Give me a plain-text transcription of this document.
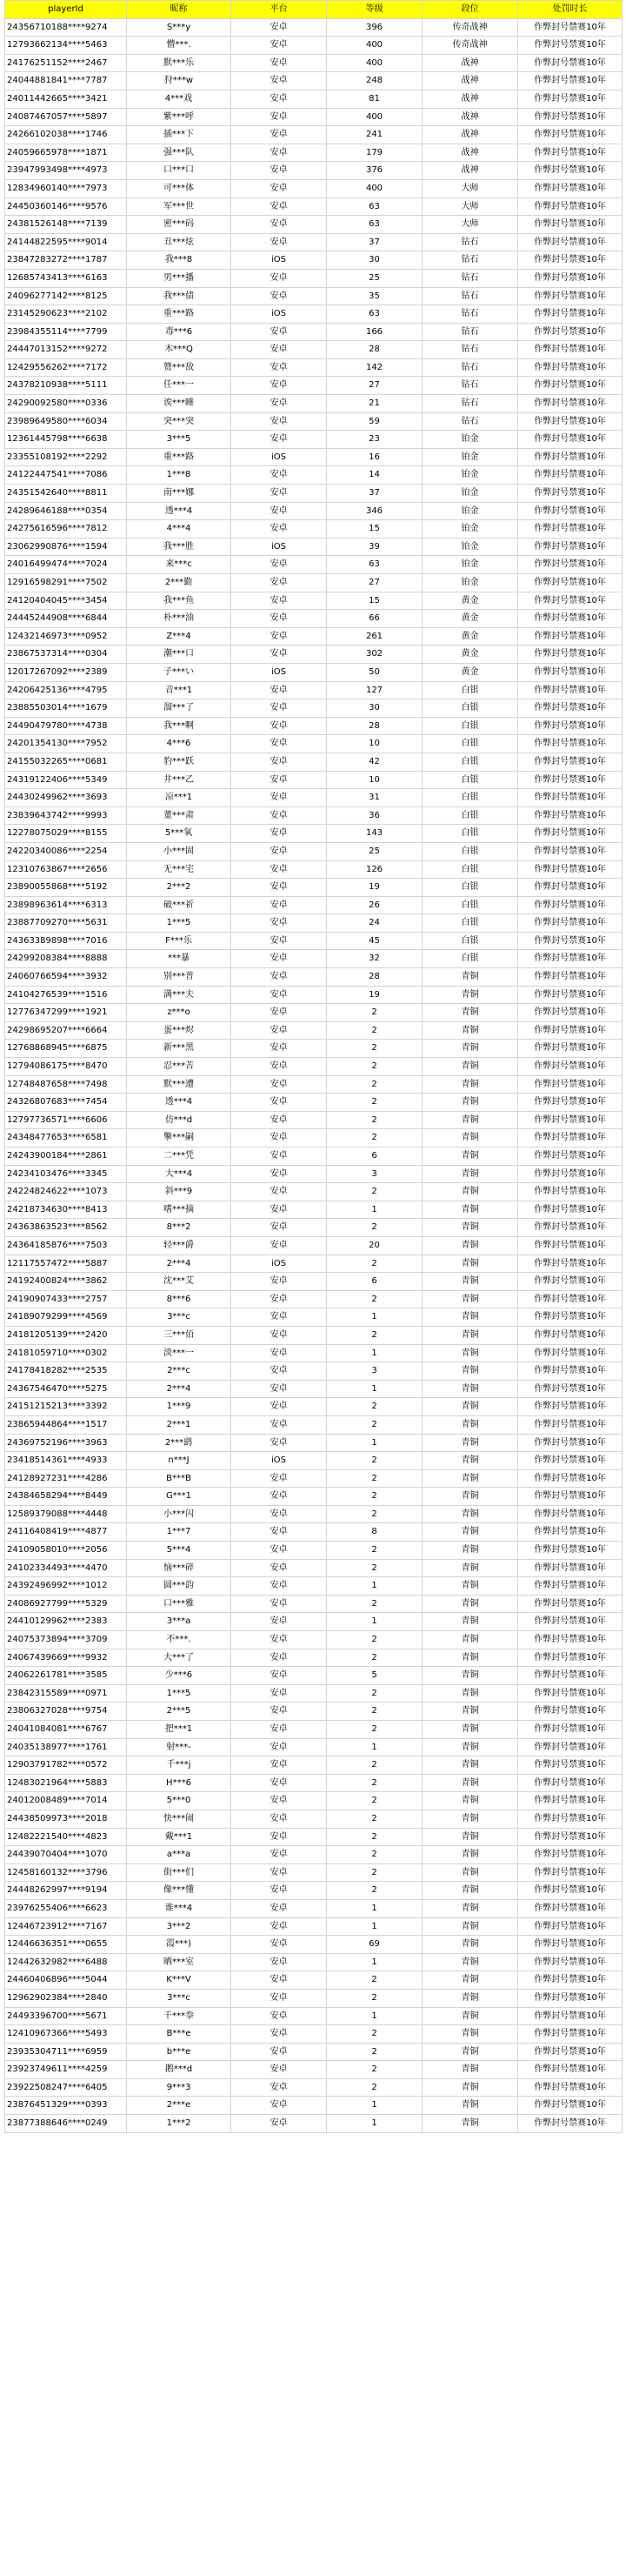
playerId	昵称	平台	等级	段位	处罚时长
24356710188****9274	S***y	安卓	396	传奇战神	作弊封号禁赛10年
12793662134****5463	懵***.	安卓	400	传奇战神	作弊封号禁赛10年
24176251152****2467	默***乐	安卓	400	战神	作弊封号禁赛10年
24044881841****7787	狩***w	安卓	248	战神	作弊封号禁赛10年
24011442665****3421	4***戏	安卓	81	战神	作弊封号禁赛10年
24087467057****5897	紫***呼	安卓	400	战神	作弊封号禁赛10年
24266102038****1746	插***下	安卓	241	战神	作弊封号禁赛10年
24059665978****1871	强***队	安卓	179	战神	作弊封号禁赛10年
23947993498****4973	口***口	安卓	376	战神	作弊封号禁赛10年
12834960140****7973	可***体	安卓	400	大师	作弊封号禁赛10年
24450360146****9576	军***世	安卓	63	大师	作弊封号禁赛10年
24381526148****7139	密***码	安卓	63	大师	作弊封号禁赛10年
24144822595****9014	丑***炫	安卓	37	钻石	作弊封号禁赛10年
23847283272****1787	我***8	iOS	30	钻石	作弊封号禁赛10年
12685743413****6163	男***播	安卓	25	钻石	作弊封号禁赛10年
24096277142****8125	我***债	安卓	35	钻石	作弊封号禁赛10年
23145290623****2102	重***路	iOS	63	钻石	作弊封号禁赛10年
23984355114****7799	毒***6	安卓	166	钻石	作弊封号禁赛10年
24447013152****9272	木***Q	安卓	28	钻石	作弊封号禁赛10年
12429556262****7172	赞***敌	安卓	142	钻石	作弊封号禁赛10年
24378210938****5111	任***一	安卓	27	钻石	作弊封号禁赛10年
24290092580****0336	诶***睡	安卓	21	钻石	作弊封号禁赛10年
23989649580****6034	突***突	安卓	59	钻石	作弊封号禁赛10年
12361445798****6638	3***5	安卓	23	铂金	作弊封号禁赛10年
23355108192****2292	重***路	iOS	16	铂金	作弊封号禁赛10年
24122447541****7086	1***8	安卓	14	铂金	作弊封号禁赛10年
24351542640****8811	南***娜	安卓	37	铂金	作弊封号禁赛10年
24289646188****0354	透***4	安卓	346	铂金	作弊封号禁赛10年
24275616596****7812	4***4	安卓	15	铂金	作弊封号禁赛10年
23062990876****1594	我***胜	iOS	39	铂金	作弊封号禁赛10年
24016499474****7024	来***c	安卓	63	铂金	作弊封号禁赛10年
12916598291****7502	2***勤	安卓	27	铂金	作弊封号禁赛10年
24120404045****3454	我***鱼	安卓	15	黄金	作弊封号禁赛10年
24445244908****6844	朴***油	安卓	66	黄金	作弊封号禁赛10年
12432146973****0952	Z***4	安卓	261	黄金	作弊封号禁赛10年
23867537314****0304	潮***口	安卓	302	黄金	作弊封号禁赛10年
12017267092****2389	子***い	iOS	50	黄金	作弊封号禁赛10年
24206425136****4795	音***1	安卓	127	白银	作弊封号禁赛10年
23885503014****1679	溜***了	安卓	30	白银	作弊封号禁赛10年
24490479780****4738	我***啊	安卓	28	白银	作弊封号禁赛10年
24201354130****7952	4***6	安卓	10	白银	作弊封号禁赛10年
24155032265****0681	豹***跃	安卓	42	白银	作弊封号禁赛10年
24319122406****5349	井***乙	安卓	10	白银	作弊封号禁赛10年
24430249962****3693	凉***1	安卓	31	白银	作弊封号禁赛10年
23839643742****9993	董***肃	安卓	36	白银	作弊封号禁赛10年
12278075029****8155	5***氧	安卓	143	白银	作弊封号禁赛10年
24220340086****2254	小***固	安卓	25	白银	作弊封号禁赛10年
12310763867****2656	无***宅	安卓	126	白银	作弊封号禁赛10年
23890055868****5192	2***2	安卓	19	白银	作弊封号禁赛10年
23898963614****6313	破***祈	安卓	26	白银	作弊封号禁赛10年
23887709270****5631	1***5	安卓	24	白银	作弊封号禁赛10年
24363389898****7016	F***乐	安卓	45	白银	作弊封号禁赛10年
24299208384****8888	***暴	安卓	32	白银	作弊封号禁赛10年
24060766594****3932	别***普	安卓	28	青铜	作弊封号禁赛10年
24104276539****1516	满***夫	安卓	19	青铜	作弊封号禁赛10年
12776347299****1921	z***o	安卓	2	青铜	作弊封号禁赛10年
24298695207****6664	蛋***烬	安卓	2	青铜	作弊封号禁赛10年
12768868945****6875	新***黑	安卓	2	青铜	作弊封号禁赛10年
12794086175****8470	忍***苦	安卓	2	青铜	作弊封号禁赛10年
12748487658****7498	默***遭	安卓	2	青铜	作弊封号禁赛10年
24326807683****7454	透***4	安卓	2	青铜	作弊封号禁赛10年
12797736571****6606	仿***d	安卓	2	青铜	作弊封号禁赛10年
24348477653****6581	擎***嗣	安卓	2	青铜	作弊封号禁赛10年
24243900184****2861	二***凭	安卓	6	青铜	作弊封号禁赛10年
24234103476****3345	大***4	安卓	3	青铜	作弊封号禁赛10年
24224824622****1073	斜***9	安卓	2	青铜	作弊封号禁赛10年
24218734630****8413	嗜***摘	安卓	1	青铜	作弊封号禁赛10年
24363863523****8562	8***2	安卓	2	青铜	作弊封号禁赛10年
24364185876****7503	轻***爵	安卓	20	青铜	作弊封号禁赛10年
12117557472****5887	2***4	iOS	2	青铜	作弊封号禁赛10年
24192400824****3862	沈***艾	安卓	6	青铜	作弊封号禁赛10年
24190907433****2757	8***6	安卓	2	青铜	作弊封号禁赛10年
24189079299****4569	3***c	安卓	1	青铜	作弊封号禁赛10年
24181205139****2420	三***佰	安卓	2	青铜	作弊封号禁赛10年
24181059710****0302	淡***一	安卓	1	青铜	作弊封号禁赛10年
24178418282****2535	2***c	安卓	3	青铜	作弊封号禁赛10年
24367546470****5275	2***4	安卓	1	青铜	作弊封号禁赛10年
24151215213****3392	1***9	安卓	2	青铜	作弊封号禁赛10年
23865944864****1517	2***1	安卓	2	青铜	作弊封号禁赛10年
24369752196****3963	2***鹞	安卓	1	青铜	作弊封号禁赛10年
23418514361****4933	n***J	iOS	2	青铜	作弊封号禁赛10年
24128927231****4286	B***B	安卓	2	青铜	作弊封号禁赛10年
24384658294****8449	G***1	安卓	2	青铜	作弊封号禁赛10年
12589379088****4448	小***闪	安卓	2	青铜	作弊封号禁赛10年
24116408419****4877	1***7	安卓	8	青铜	作弊封号禁赛10年
24109058010****2056	5***4	安卓	2	青铜	作弊封号禁赛10年
24102334493****4470	恼***碎	安卓	2	青铜	作弊封号禁赛10年
24392496992****1012	圆***韵	安卓	1	青铜	作弊封号禁赛10年
24086927799****5329	口***雅	安卓	2	青铜	作弊封号禁赛10年
24410129962****2383	3***a	安卓	1	青铜	作弊封号禁赛10年
24075373894****3709	不***.	安卓	2	青铜	作弊封号禁赛10年
24067439669****9932	大***了	安卓	2	青铜	作弊封号禁赛10年
24062261781****3585	少***6	安卓	5	青铜	作弊封号禁赛10年
23842315589****0971	1***5	安卓	2	青铜	作弊封号禁赛10年
23806327028****9754	2***5	安卓	2	青铜	作弊封号禁赛10年
24041084081****6767	把***1	安卓	2	青铜	作弊封号禁赛10年
24035138977****1761	射***-	安卓	1	青铜	作弊封号禁赛10年
12903791782****0572	千***j	安卓	2	青铜	作弊封号禁赛10年
12483021964****5883	H***6	安卓	2	青铜	作弊封号禁赛10年
24012008489****7014	5***0	安卓	2	青铜	作弊封号禁赛10年
24438509973****2018	快***闹	安卓	2	青铜	作弊封号禁赛10年
12482221540****4823	戴***1	安卓	2	青铜	作弊封号禁赛10年
24439070404****1070	a***a	安卓	2	青铜	作弊封号禁赛10年
12458160132****3796	街***们	安卓	2	青铜	作弊封号禁赛10年
24448262997****9194	像***懂	安卓	2	青铜	作弊封号禁赛10年
23976255406****6623	谁***4	安卓	1	青铜	作弊封号禁赛10年
12446723912****7167	3***2	安卓	1	青铜	作弊封号禁赛10年
12446636351****0655	霞***)	安卓	69	青铜	作弊封号禁赛10年
12442632982****6488	晒***室	安卓	1	青铜	作弊封号禁赛10年
24460406896****5044	K***V	安卓	2	青铜	作弊封号禁赛10年
12962902384****2840	3***c	安卓	2	青铜	作弊封号禁赛10年
24493396700****5671	千***拳	安卓	1	青铜	作弊封号禁赛10年
12410967366****5493	B***e	安卓	2	青铜	作弊封号禁赛10年
23935304711****6959	b***e	安卓	2	青铜	作弊封号禁赛10年
23923749611****4259	鹅***d	安卓	2	青铜	作弊封号禁赛10年
23922508247****6405	9***3	安卓	2	青铜	作弊封号禁赛10年
23876451329****0393	2***e	安卓	1	青铜	作弊封号禁赛10年
23877388646****0249	1***2	安卓	1	青铜	作弊封号禁赛10年
